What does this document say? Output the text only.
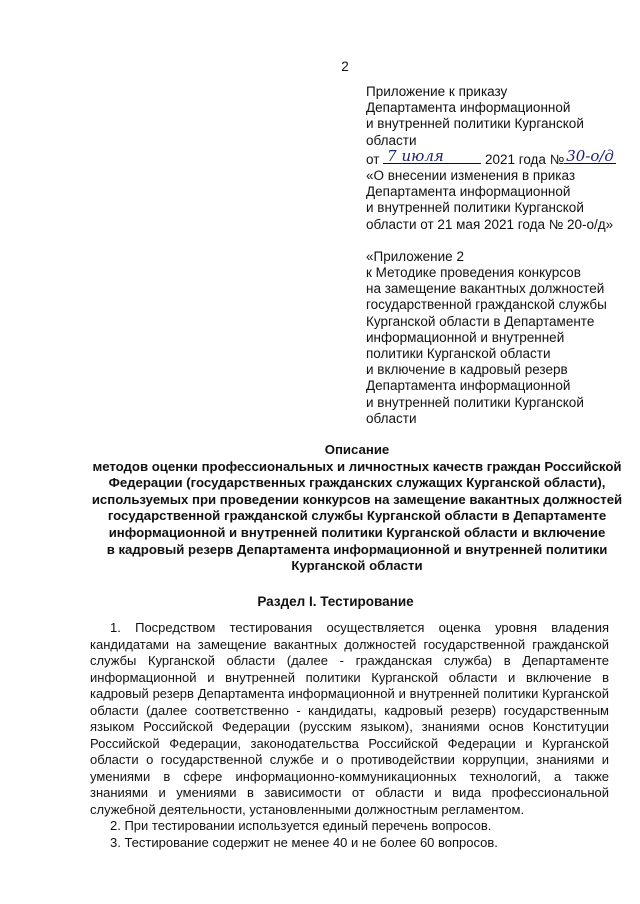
2
Приложение к приказу
Департамента информационной
и внутренней политики Курганской
области
от 7 июля	2021 года № 30-о/д
«О внесении изменения в приказ
Департамента информационной
и внутренней политики Курганской
области от 21 мая 2021 года № 20-о/д»
«Приложение 2
к Методике проведения конкурсов
на замещение вакантных должностей
государственной гражданской службы
Курганской области в Департаменте
информационной и внутренней
политики Курганской области
и включение в кадровый резерв
Департамента информационной
и внутренней политики Курганской
области
Описание
методов оценки профессиональных и личностных качеств граждан Российской
Федерации (государственных гражданских служащих Курганской области),
используемых при проведении конкурсов на замещение вакантных должностей
государственной гражданской службы Курганской области в Департаменте
информационной и внутренней политики Курганской области и включение
в кадровый резерв Департамента информационной и внутренней политики
Курганской области
Раздел I. Тестирование

1. Посредством тестирования осуществляется оценка уровня владения кандидатами на замещение вакантных должностей государственной гражданской службы Курганской области (далее - гражданская служба) в Департаменте информационной и внутренней политики Курганской области и включение в кадровый резерв Департамента информационной и внутренней политики Курганской области (далее соответственно - кандидаты, кадровый резерв) государственным языком Российской Федерации (русским языком), знаниями основ Конституции Российской Федерации, законодательства Российской Федерации и Курганской области о государственной службе и о противодействии коррупции, знаниями и умениями в сфере информационно-коммуникационных технологий, а также знаниями и умениями в зависимости от области и вида профессиональной служебной деятельности, установленными должностным регламентом.

2. При тестировании используется единый перечень вопросов.

3. Тестирование содержит не менее 40 и не более 60 вопросов.
